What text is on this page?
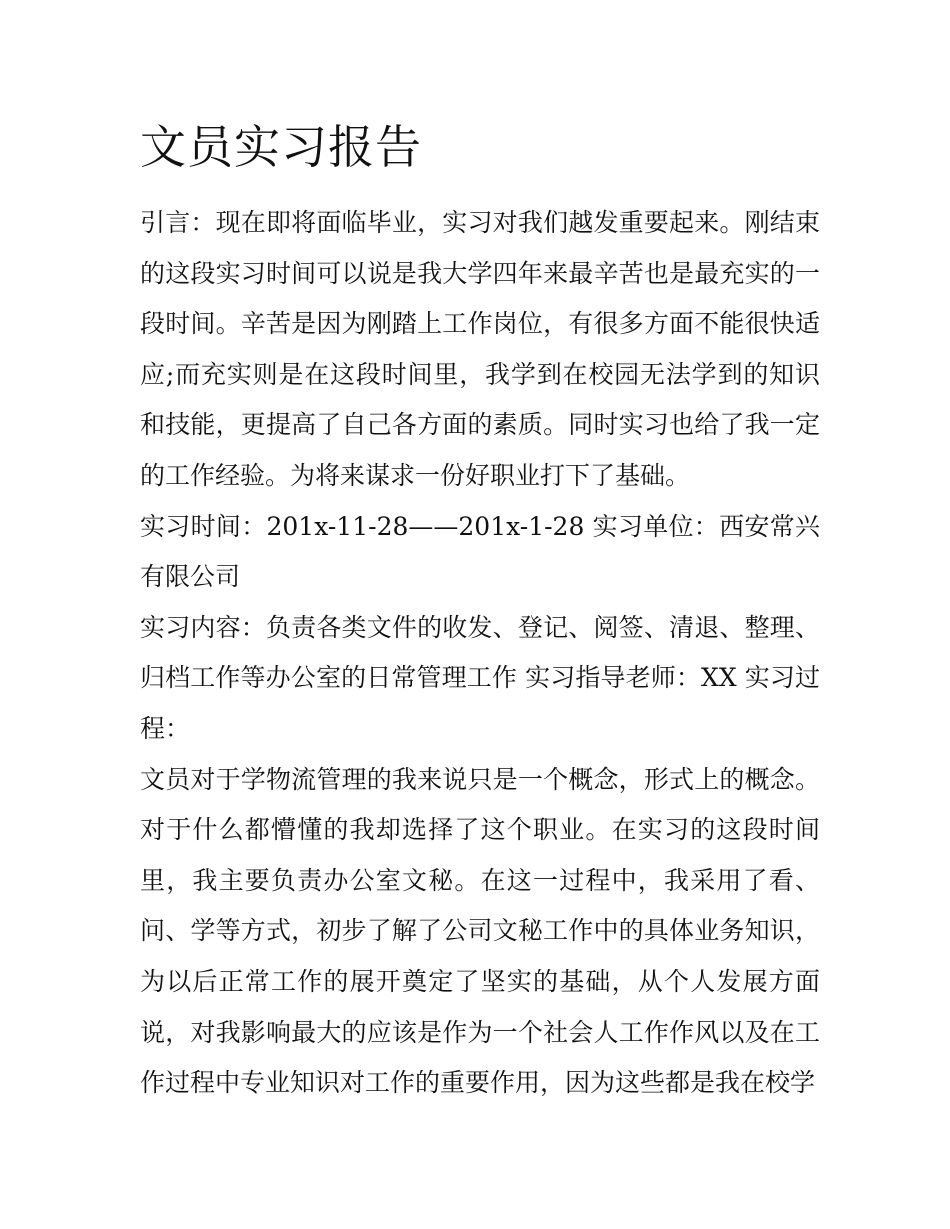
文员实习报告

引言：现在即将面临毕业，实习对我们越发重要起来。刚结束的这段实习时间可以说是我大学四年来最辛苦也是最充实的一段时间。辛苦是因为刚踏上工作岗位，有很多方面不能很快适应;而充实则是在这段时间里，我学到在校园无法学到的知识和技能，更提高了自己各方面的素质。同时实习也给了我一定的工作经验。为将来谋求一份好职业打下了基础。

实习时间：201x-11-28——201x-1-28 实习单位：西安常兴有限公司

实习内容：负责各类文件的收发、登记、阅签、清退、整理、归档工作等办公室的日常管理工作 实习指导老师：XX 实习过程：

文员对于学物流管理的我来说只是一个概念，形式上的概念。对于什么都懵懂的我却选择了这个职业。在实习的这段时间里，我主要负责办公室文秘。在这一过程中，我采用了看、问、学等方式，初步了解了公司文秘工作中的具体业务知识，为以后正常工作的展开奠定了坚实的基础，从个人发展方面说，对我影响最大的应该是作为一个社会人工作作风以及在工作过程中专业知识对工作的重要作用，因为这些都是我在校学
